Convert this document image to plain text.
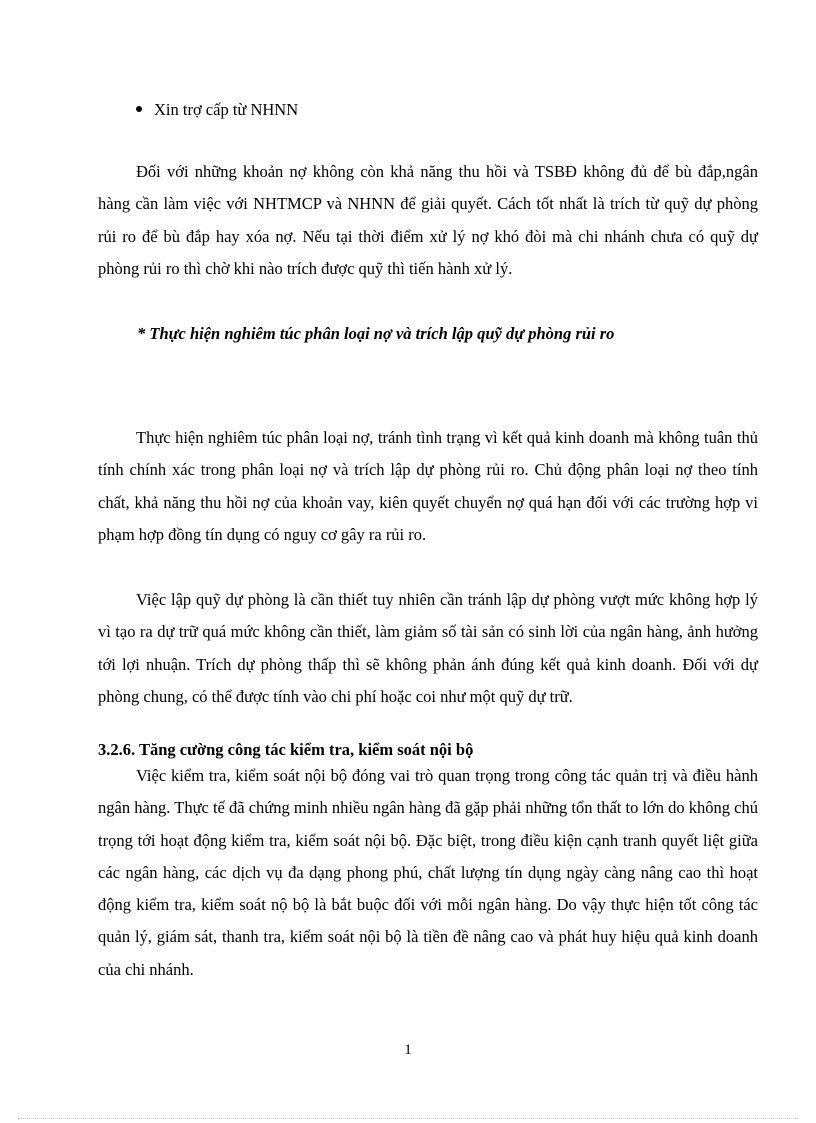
Xin trợ cấp từ NHNN

Đối với những khoản nợ không còn khả năng thu hồi và TSBĐ không đủ để bù đắp,ngân hàng cần làm việc với NHTMCP và NHNN để giải quyết. Cách tốt nhất là trích từ quỹ dự phòng rủi ro để bù đắp hay xóa nợ. Nếu tại thời điểm xử lý nợ khó đòi mà chi nhánh chưa có quỹ dự phòng rủi ro thì chờ khi nào trích được quỹ thì tiến hành xử lý.

* Thực hiện nghiêm túc phân loại nợ và trích lập quỹ dự phòng rủi ro

Thực hiện nghiêm túc phân loại nợ, tránh tình trạng vì kết quả kinh doanh mà không tuân thủ tính chính xác trong phân loại nợ và trích lập dự phòng rủi ro. Chủ động phân loại nợ theo tính chất, khả năng thu hồi nợ của khoản vay, kiên quyết chuyển nợ quá hạn đối với các trường hợp vi phạm hợp đồng tín dụng có nguy cơ gây ra rủi ro.

Việc lập quỹ dự phòng là cần thiết tuy nhiên cần tránh lập dự phòng vượt mức không hợp lý vì tạo ra dự trữ quá mức không cần thiết, làm giảm số tài sản có sinh lời của ngân hàng, ảnh hưởng tới lợi nhuận. Trích dự phòng thấp thì sẽ không phản ánh đúng kết quả kinh doanh. Đối với dự phòng chung, có thể được tính vào chi phí hoặc coi như một quỹ dự trữ.

3.2.6. Tăng cường công tác kiểm tra, kiểm soát nội bộ

Việc kiểm tra, kiểm soát nội bộ đóng vai trò quan trọng trong công tác quản trị và điều hành ngân hàng. Thực tế đã chứng minh nhiều ngân hàng đã gặp phải những tổn thất to lớn do không chú trọng tới hoạt động kiểm tra, kiểm soát nội bộ. Đặc biệt, trong điều kiện cạnh tranh quyết liệt giữa các ngân hàng, các dịch vụ đa dạng phong phú, chất lượng tín dụng ngày càng nâng cao thì hoạt động kiểm tra, kiểm soát nộ bộ là bắt buộc đối với mỗi ngân hàng. Do vậy thực hiện tốt công tác quản lý, giám sát, thanh tra, kiểm soát nội bộ là tiền đề nâng cao và phát huy hiệu quả kinh doanh của chi nhánh.

1
